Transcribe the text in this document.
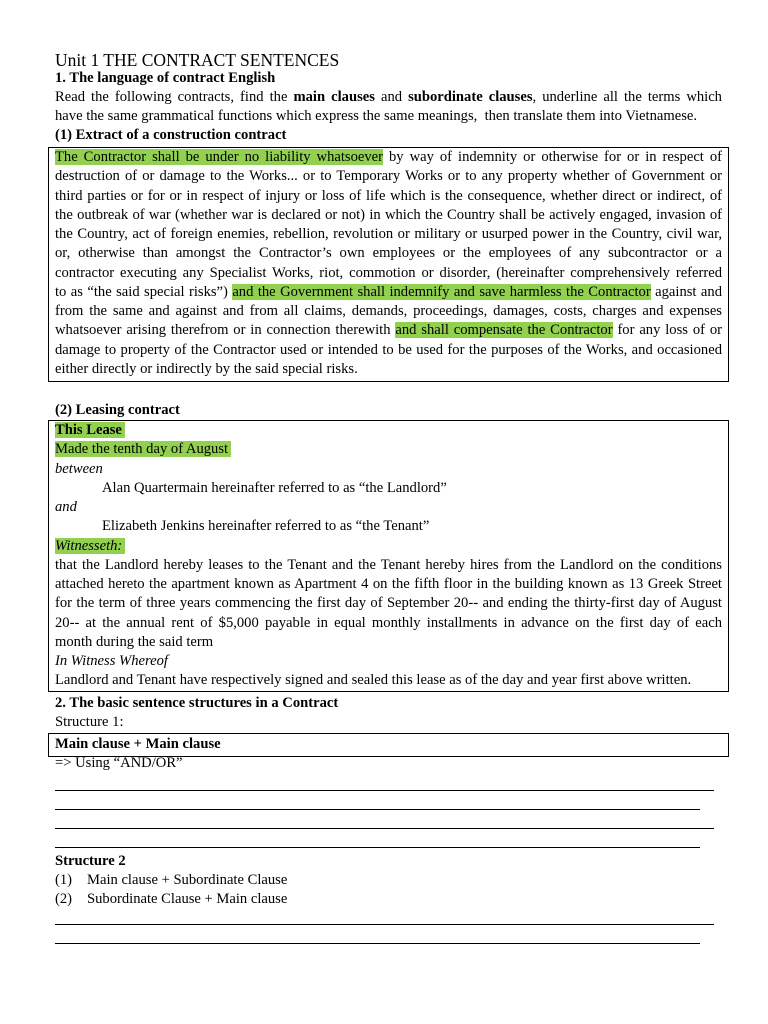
Unit 1 THE CONTRACT SENTENCES
1. The language of contract English
Read the following contracts, find the main clauses and subordinate clauses, underline all the terms which
have the same grammatical functions which express the same meanings,  then translate them into Vietnamese.
(1) Extract of a construction contract
The Contractor shall be under no liability whatsoever by way of indemnity or otherwise for or in respect of
destruction of or damage to the Works... or to Temporary Works or to any property whether of Government or
third parties or for or in respect of injury or loss of life which is the consequence, whether direct or indirect, of
the outbreak of war (whether war is declared or not) in which the Country shall be actively engaged, invasion of
the Country, act of foreign enemies, rebellion, revolution or military or usurped power in the Country, civil war,
or, otherwise than amongst the Contractor’s own employees or the employees of any subcontractor or a
contractor executing any Specialist Works, riot, commotion or disorder, (hereinafter comprehensively referred
to as “the said special risks”) and the Government shall indemnify and save harmless the Contractor against and
from the same and against and from all claims, demands, proceedings, damages, costs, charges and expenses
whatsoever arising therefrom or in connection therewith and shall compensate the Contractor for any loss of or
damage to property of the Contractor used or intended to be used for the purposes of the Works, and occasioned
either directly or indirectly by the said special risks.
(2) Leasing contract
This Lease
Made the tenth day of August
between
Alan Quartermain hereinafter referred to as “the Landlord”
and
Elizabeth Jenkins hereinafter referred to as “the Tenant”
Witnesseth:
that the Landlord hereby leases to the Tenant and the Tenant hereby hires from the Landlord on the conditions
attached hereto the apartment known as Apartment 4 on the fifth floor in the building known as 13 Greek Street
for the term of three years commencing the first day of September 20-- and ending the thirty-first day of August
20-- at the annual rent of $5,000 payable in equal monthly installments in advance on the first day of each
month during the said term
In Witness Whereof
Landlord and Tenant have respectively signed and sealed this lease as of the day and year first above written.
2. The basic sentence structures in a Contract
Structure 1:
Main clause + Main clause
=> Using “AND/OR”
Structure 2
(1) Main clause + Subordinate Clause
(2) Subordinate Clause + Main clause
